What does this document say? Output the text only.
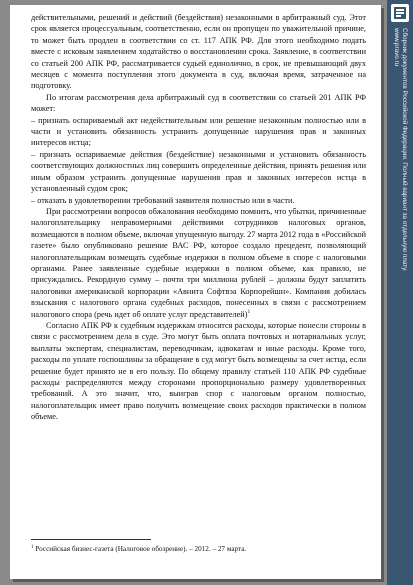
действительными, решений и действий (бездействия) незаконными в арбитражный суд. Этот срок является процессуальным, соответственно, если он пропущен по уважительной причине, то может быть продлен в соответствии со ст. 117 АПК РФ. Для этого необходимо подать вместе с исковым заявлением ходатайство о восстановлении срока. Заявление, в соответствии со статьей 200 АПК РФ, рассматривается судьей единолично, в срок, не превышающий двух месяцев с момента поступления этого документа в суд, включая время, затраченное на подготовку.

По итогам рассмотрения дела арбитражный суд в соответствии со статьей 201 АПК РФ может:

– признать оспариваемый акт недействительным или решение незаконным полностью или в части и установить обязанность устранить допущенные нарушения прав и законных интересов истца;

– признать оспариваемые действия (бездействие) незаконными и установить обязанность соответствующих должностных лиц совершить определенные действия, принять решения или иным образом устранить допущенные нарушения прав и законных интересов истца в установленный судом срок;

– отказать в удовлетворении требований заявителя полностью или в части.

При рассмотрении вопросов обжалования необходимо помнить, что убытки, причиненные налогоплательщику неправомерными действиями сотрудников налоговых органов, возмещаются в полном объеме, включая упущенную выгоду. 27 марта 2012 года в «Российской газете» было опубликовано решение ВАС РФ, которое создало прецедент, позволяющий налогоплательщикам возмещать судебные издержки в полном объеме в споре с налоговыми органами. Ранее заявленные судебные издержки в полном объеме, как правило, не присуждались. Рекордную сумму – почти три миллиона рублей – должны будут заплатить налоговики американской корпорации «Авнита Софтвэа Корпорейшн». Компания добилась взыскания с налогового органа судебных расходов, понесенных в связи с рассмотрением налогового спора (речь идет об оплате услуг представителей)$^1$

Согласно АПК РФ к судебным издержкам относятся расходы, которые понесли стороны в связи с рассмотрением дела в суде. Это могут быть оплата почтовых и нотариальных услуг, выплаты экспертам, специалистам, переводчикам, адвокатам и иные расходы. Кроме того, расходы по уплате госпошлины за обращение в суд могут быть возмещены за счет истца, если решение будет принято не в его пользу. По общему правилу статьей 110 АПК РФ судебные расходы распределяются между сторонами пропорционально размеру удовлетворенных требований. А это значит, что, выиграв спор с налоговым органом полностью, налогоплательщик имеет право получить возмещение своих расходов практически в полном объеме.

$^1$ Российская бизнес-газета (Налоговое обозрение). – 2012. – 27 марта.
Сборник документов Российской Федерации. Полный вариант за отдельную плату.
www.pravo.ru
